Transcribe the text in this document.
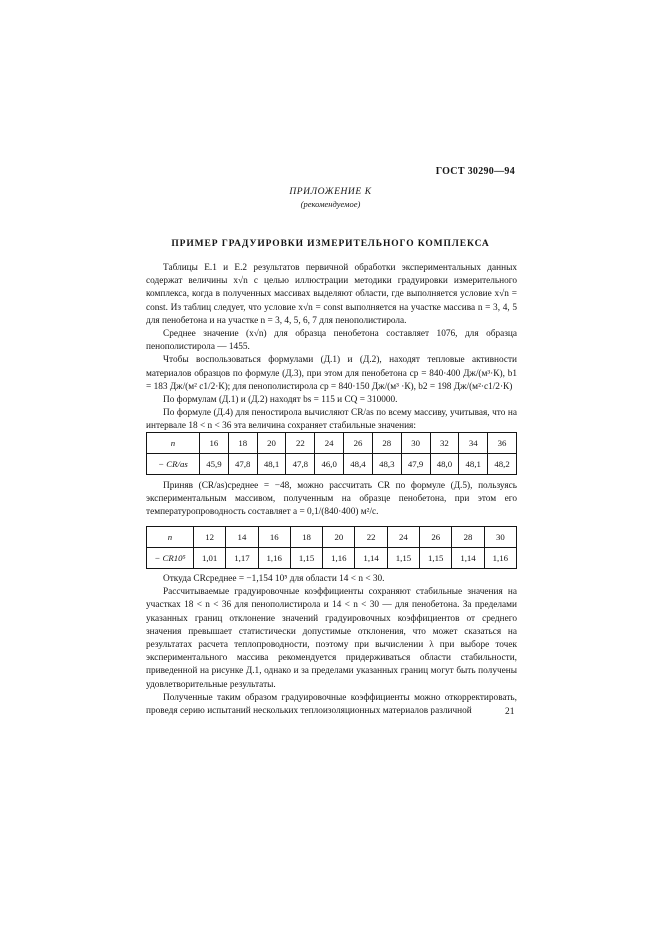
ГОСТ 30290—94
ПРИЛОЖЕНИЕ К
(рекомендуемое)
ПРИМЕР ГРАДУИРОВКИ ИЗМЕРИТЕЛЬНОГО КОМПЛЕКСА

Таблицы Е.1 и Е.2 результатов первичной обработки экспериментальных данных содержат величины x√n с целью иллюстрации методики градуировки измерительного комплекса, когда в полученных массивах выделяют области, где выполняется условие x√n = const. Из таблиц следует, что условие x√n = const выполняется на участке массива n = 3, 4, 5 для пенобетона и на участке n = 3, 4, 5, 6, 7 для пенополистирола.

Среднее значение (x√n) для образца пенобетона составляет 1076, для образца пенополистирола — 1455.

Чтобы воспользоваться формулами (Д.1) и (Д.2), находят тепловые активности материалов образцов по формуле (Д.3), при этом для пенобетона cp = 840·400 Дж/(м³·К), b1 = 183 Дж/(м² с1/2·К); для пенополистирола cp = 840·150 Дж/(м³ ·К), b2 = 198 Дж/(м²·с1/2·К)

По формулам (Д.1) и (Д.2) находят bs = 115 и CQ = 310000.

По формуле (Д.4) для пеностирола вычисляют CR/as по всему массиву, учитывая, что на интервале 18 < n < 36 эта величина сохраняет стабильные значения:

n	16	18	20	22	24	26	28	30	32	34	36
− CR/as	45,9	47,8	48,1	47,8	46,0	48,4	48,3	47,9	48,0	48,1	48,2

Приняв (CR/as)среднее = −48, можно рассчитать CR по формуле (Д.5), пользуясь экспериментальным массивом, полученным на образце пенобетона, при этом его температуропроводность составляет a = 0,1/(840·400) м²/с.

n	12	14	16	18	20	22	24	26	28	30
− CR10⁵	1,01	1,17	1,16	1,15	1,16	1,14	1,15	1,15	1,14	1,16

Откуда CRсреднее = −1,154 10⁵ для области 14 < n < 30.

Рассчитываемые градуировочные коэффициенты сохраняют стабильные значения на участках 18 < n < 36 для пенополистирола и 14 < n < 30 — для пенобетона. За пределами указанных границ отклонение значений градуировочных коэффициентов от среднего значения превышает статистически допустимые отклонения, что может сказаться на результатах расчета теплопроводности, поэтому при вычислении λ при выборе точек экспериментального массива рекомендуется придерживаться области стабильности, приведенной на рисунке Д.1, однако и за пределами указанных границ могут быть получены удовлетворительные результаты.

Полученные таким образом градуировочные коэффициенты можно откорректировать, проведя серию испытаний нескольких теплоизоляционных материалов различной	21
